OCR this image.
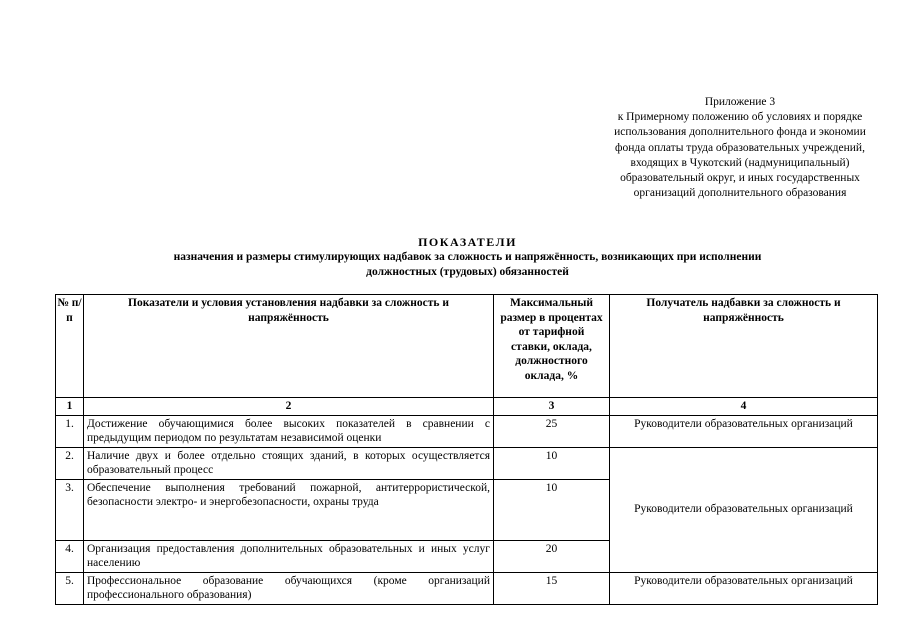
Приложение 3
к Примерному положению об условиях и порядке
использования дополнительного фонда и экономии
фонда оплаты труда образовательных учреждений,
входящих в Чукотский (надмуниципальный)
образовательный округ, и иных государственных
организаций дополнительного образования
ПОКАЗАТЕЛИ
назначения и размеры стимулирующих надбавок за сложность и напряжённость, возникающих при исполнении
должностных (трудовых) обязанностей
№ п/п	Показатели и условия установления надбавки за сложность и напряжённость	Максимальный размер в процентах от тарифной ставки, оклада, должностного оклада, %	Получатель надбавки за сложность и напряжённость
1	2	3	4
1.	Достижение обучающимися более высоких показателей в сравнении с предыдущим периодом по результатам независимой оценки	25	Руководители образовательных организаций
2.	Наличие двух и более отдельно стоящих зданий, в которых осуществляется образовательный процесс	10	Руководители образовательных организаций
3.	Обеспечение выполнения требований пожарной, антитеррористической, безопасности электро- и энергобезопасности, охраны труда	10	
4.	Организация предоставления дополнительных образовательных и иных услуг населению	20	
5.	Профессиональное образование обучающихся (кроме организаций профессионального образования)	15	Руководители образовательных организаций
